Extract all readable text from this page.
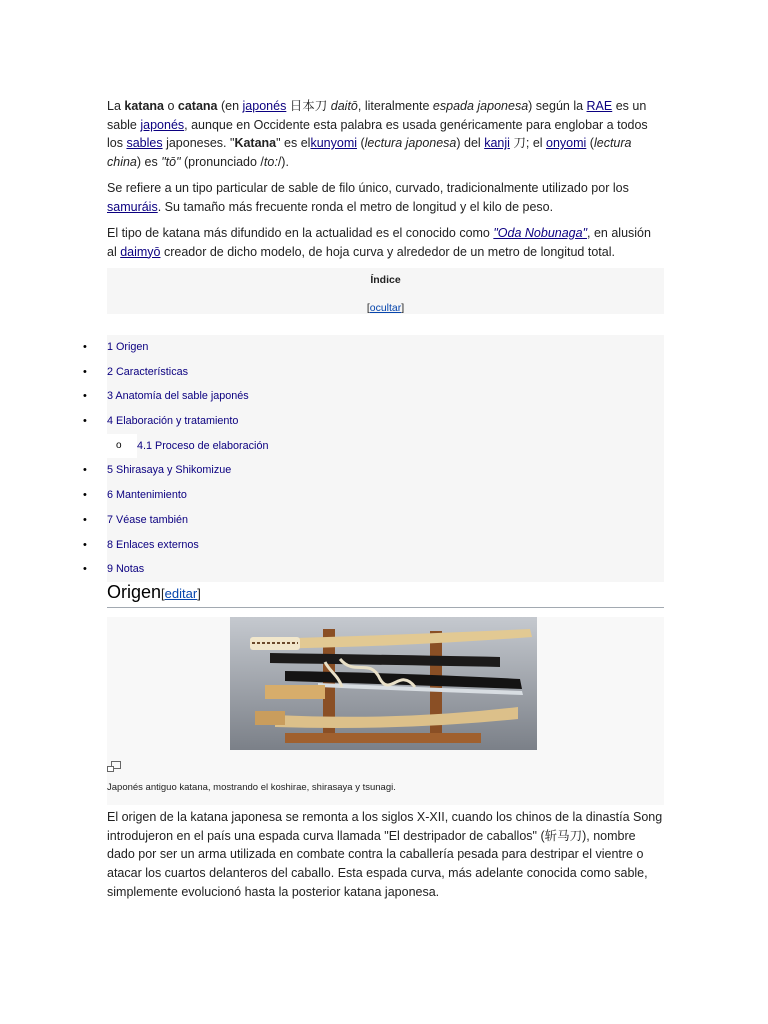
La katana o catana (en japonés 日本刀 daitō, literalmente espada japonesa) según la RAE es un sable japonés, aunque en Occidente esta palabra es usada genéricamente para englobar a todos los sables japoneses. "Katana" es elkunyomi (lectura japonesa) del kanji 刀; el onyomi (lectura china) es "tō" (pronunciado /to:/).

Se refiere a un tipo particular de sable de filo único, curvado, tradicionalmente utilizado por los samuráis. Su tamaño más frecuente ronda el metro de longitud y el kilo de peso.

El tipo de katana más difundido en la actualidad es el conocido como "Oda Nobunaga", en alusión al daimyō creador de dicho modelo, de hoja curva y alrededor de un metro de longitud total.

Índice
[ocultar]
• 1 Origen
• 2 Características
• 3 Anatomía del sable japonés
• 4 Elaboración y tratamiento
o 4.1 Proceso de elaboración
• 5 Shirasaya y Shikomizue
• 6 Mantenimiento
• 7 Véase también
• 8 Enlaces externos
• 9 Notas
Origen[editar]
Japonés antiguo katana, mostrando el koshirae, shirasaya y tsunagi.

El origen de la katana japonesa se remonta a los siglos X-XII, cuando los chinos de la dinastía Song introdujeron en el país una espada curva llamada "El destripador de caballos" (斩马刀), nombre dado por ser un arma utilizada en combate contra la caballería pesada para destripar el vientre o atacar los cuartos delanteros del caballo. Esta espada curva, más adelante conocida como sable, simplemente evolucionó hasta la posterior katana japonesa.
